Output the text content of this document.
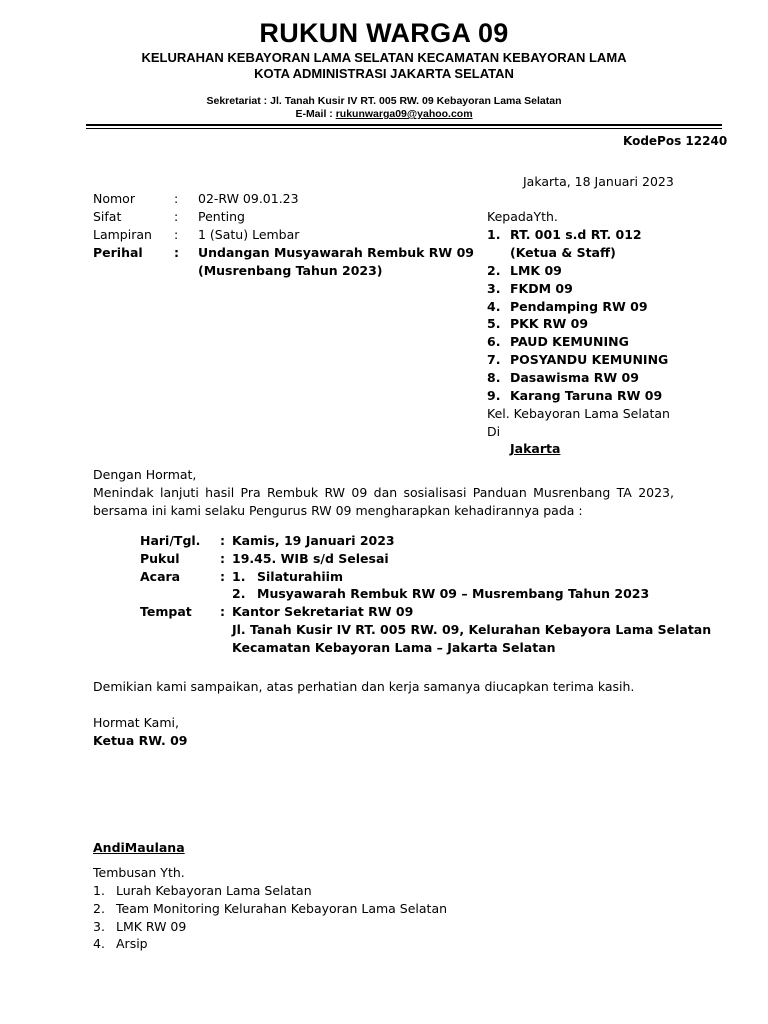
RUKUN WARGA 09
KELURAHAN KEBAYORAN LAMA SELATAN KECAMATAN KEBAYORAN LAMA
KOTA ADMINISTRASI JAKARTA SELATAN
Sekretariat : Jl. Tanah Kusir IV RT. 005 RW. 09 Kebayoran Lama Selatan
E-Mail : rukunwarga09@yahoo.com
KodePos 12240
Jakarta, 18 Januari 2023
Nomor	: 02-RW 09.01.23
Sifat	: Penting
Lampiran : 1 (Satu) Lembar
Perihal	: Undangan Musyawarah Rembuk RW 09
(Musrenbang Tahun 2023)
KepadaYth.
1. RT. 001 s.d RT. 012
(Ketua & Staff)
2. LMK 09
3. FKDM 09
4. Pendamping RW 09
5. PKK RW 09
6. PAUD KEMUNING
7. POSYANDU KEMUNING
8. Dasawisma RW 09
9. Karang Taruna RW 09
Kel. Kebayoran Lama Selatan
Di
Jakarta
Dengan Hormat,
Menindak lanjuti hasil Pra Rembuk RW 09 dan sosialisasi Panduan Musrenbang TA 2023, bersama ini kami selaku Pengurus RW 09 mengharapkan kehadirannya pada :
Hari/Tgl. : Kamis, 19 Januari 2023
Pukul	: 19.45. WIB s/d Selesai
Acara	: 1. Silaturahiim
2. Musyawarah Rembuk RW 09 – Musrembang Tahun 2023
Tempat : Kantor Sekretariat RW 09
Jl. Tanah Kusir IV RT. 005 RW. 09, Kelurahan Kebayora Lama Selatan
Kecamatan Kebayoran Lama – Jakarta Selatan
Demikian kami sampaikan, atas perhatian dan kerja samanya diucapkan terima kasih.
Hormat Kami,
Ketua RW. 09
AndiMaulana
Tembusan Yth.
1. Lurah Kebayoran Lama Selatan
2. Team Monitoring Kelurahan Kebayoran Lama Selatan
3. LMK RW 09
4. Arsip
